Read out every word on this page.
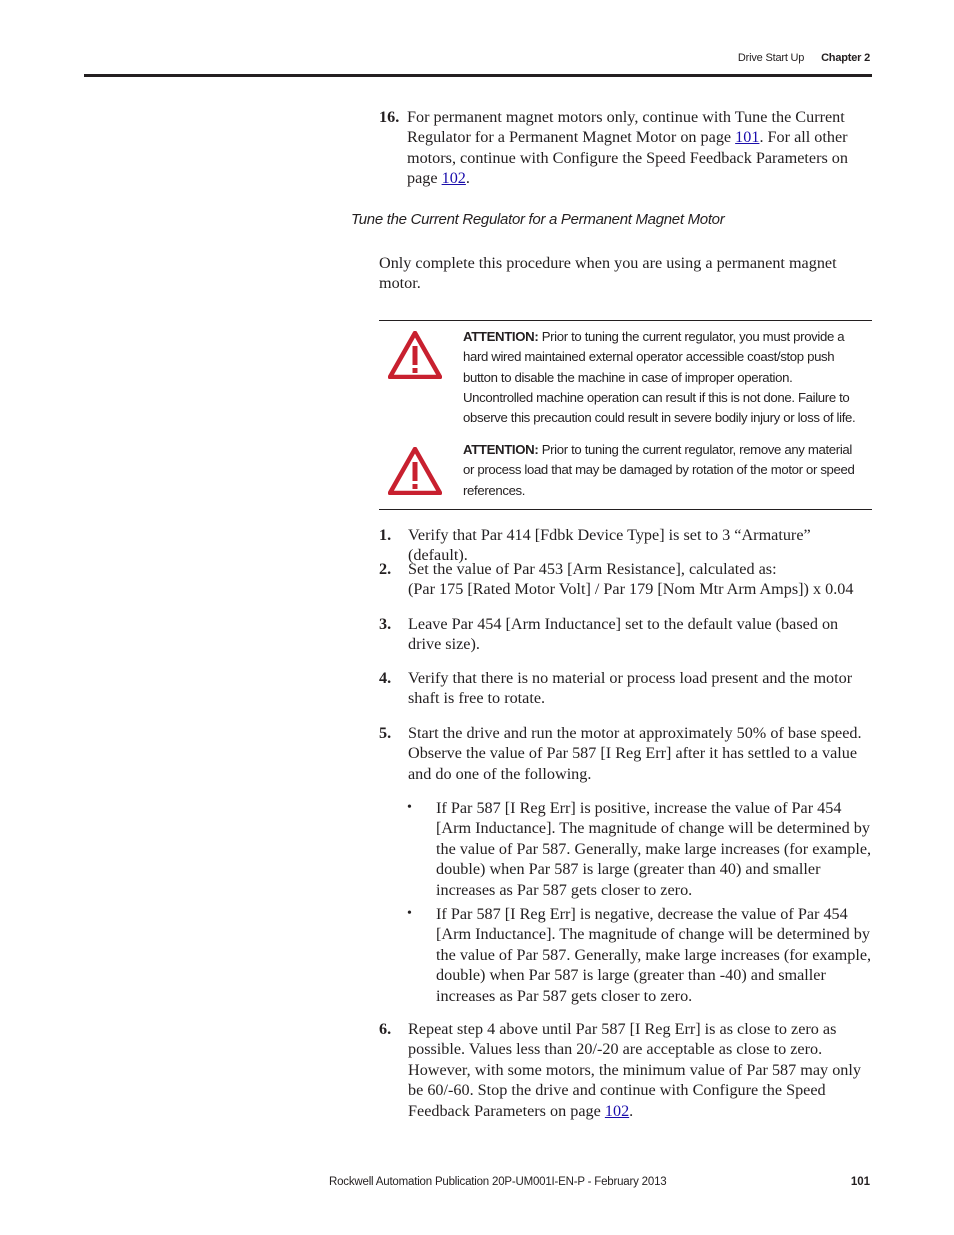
Drive Start Up Chapter 2
16. For permanent magnet motors only, continue with Tune the Current Regulator for a Permanent Magnet Motor on page 101. For all other motors, continue with Configure the Speed Feedback Parameters on page 102.
Tune the Current Regulator for a Permanent Magnet Motor
Only complete this procedure when you are using a permanent magnet motor.
ATTENTION: Prior to tuning the current regulator, you must provide a hard wired maintained external operator accessible coast/stop push button to disable the machine in case of improper operation. Uncontrolled machine operation can result if this is not done. Failure to observe this precaution could result in severe bodily injury or loss of life.
ATTENTION: Prior to tuning the current regulator, remove any material or process load that may be damaged by rotation of the motor or speed references.
1. Verify that Par 414 [Fdbk Device Type] is set to 3 “Armature” (default).
2. Set the value of Par 453 [Arm Resistance], calculated as:
(Par 175 [Rated Motor Volt] / Par 179 [Nom Mtr Arm Amps]) x 0.04
3. Leave Par 454 [Arm Inductance] set to the default value (based on drive size).
4. Verify that there is no material or process load present and the motor shaft is free to rotate.
5. Start the drive and run the motor at approximately 50% of base speed. Observe the value of Par 587 [I Reg Err] after it has settled to a value and do one of the following.
• If Par 587 [I Reg Err] is positive, increase the value of Par 454 [Arm Inductance]. The magnitude of change will be determined by the value of Par 587. Generally, make large increases (for example, double) when Par 587 is large (greater than 40) and smaller increases as Par 587 gets closer to zero.
• If Par 587 [I Reg Err] is negative, decrease the value of Par 454 [Arm Inductance]. The magnitude of change will be determined by the value of Par 587. Generally, make large increases (for example, double) when Par 587 is large (greater than -40) and smaller increases as Par 587 gets closer to zero.
6. Repeat step 4 above until Par 587 [I Reg Err] is as close to zero as possible. Values less than 20/-20 are acceptable as close to zero. However, with some motors, the minimum value of Par 587 may only be 60/-60. Stop the drive and continue with Configure the Speed Feedback Parameters on page 102.
Rockwell Automation Publication 20P-UM001I-EN-P - February 2013	101
